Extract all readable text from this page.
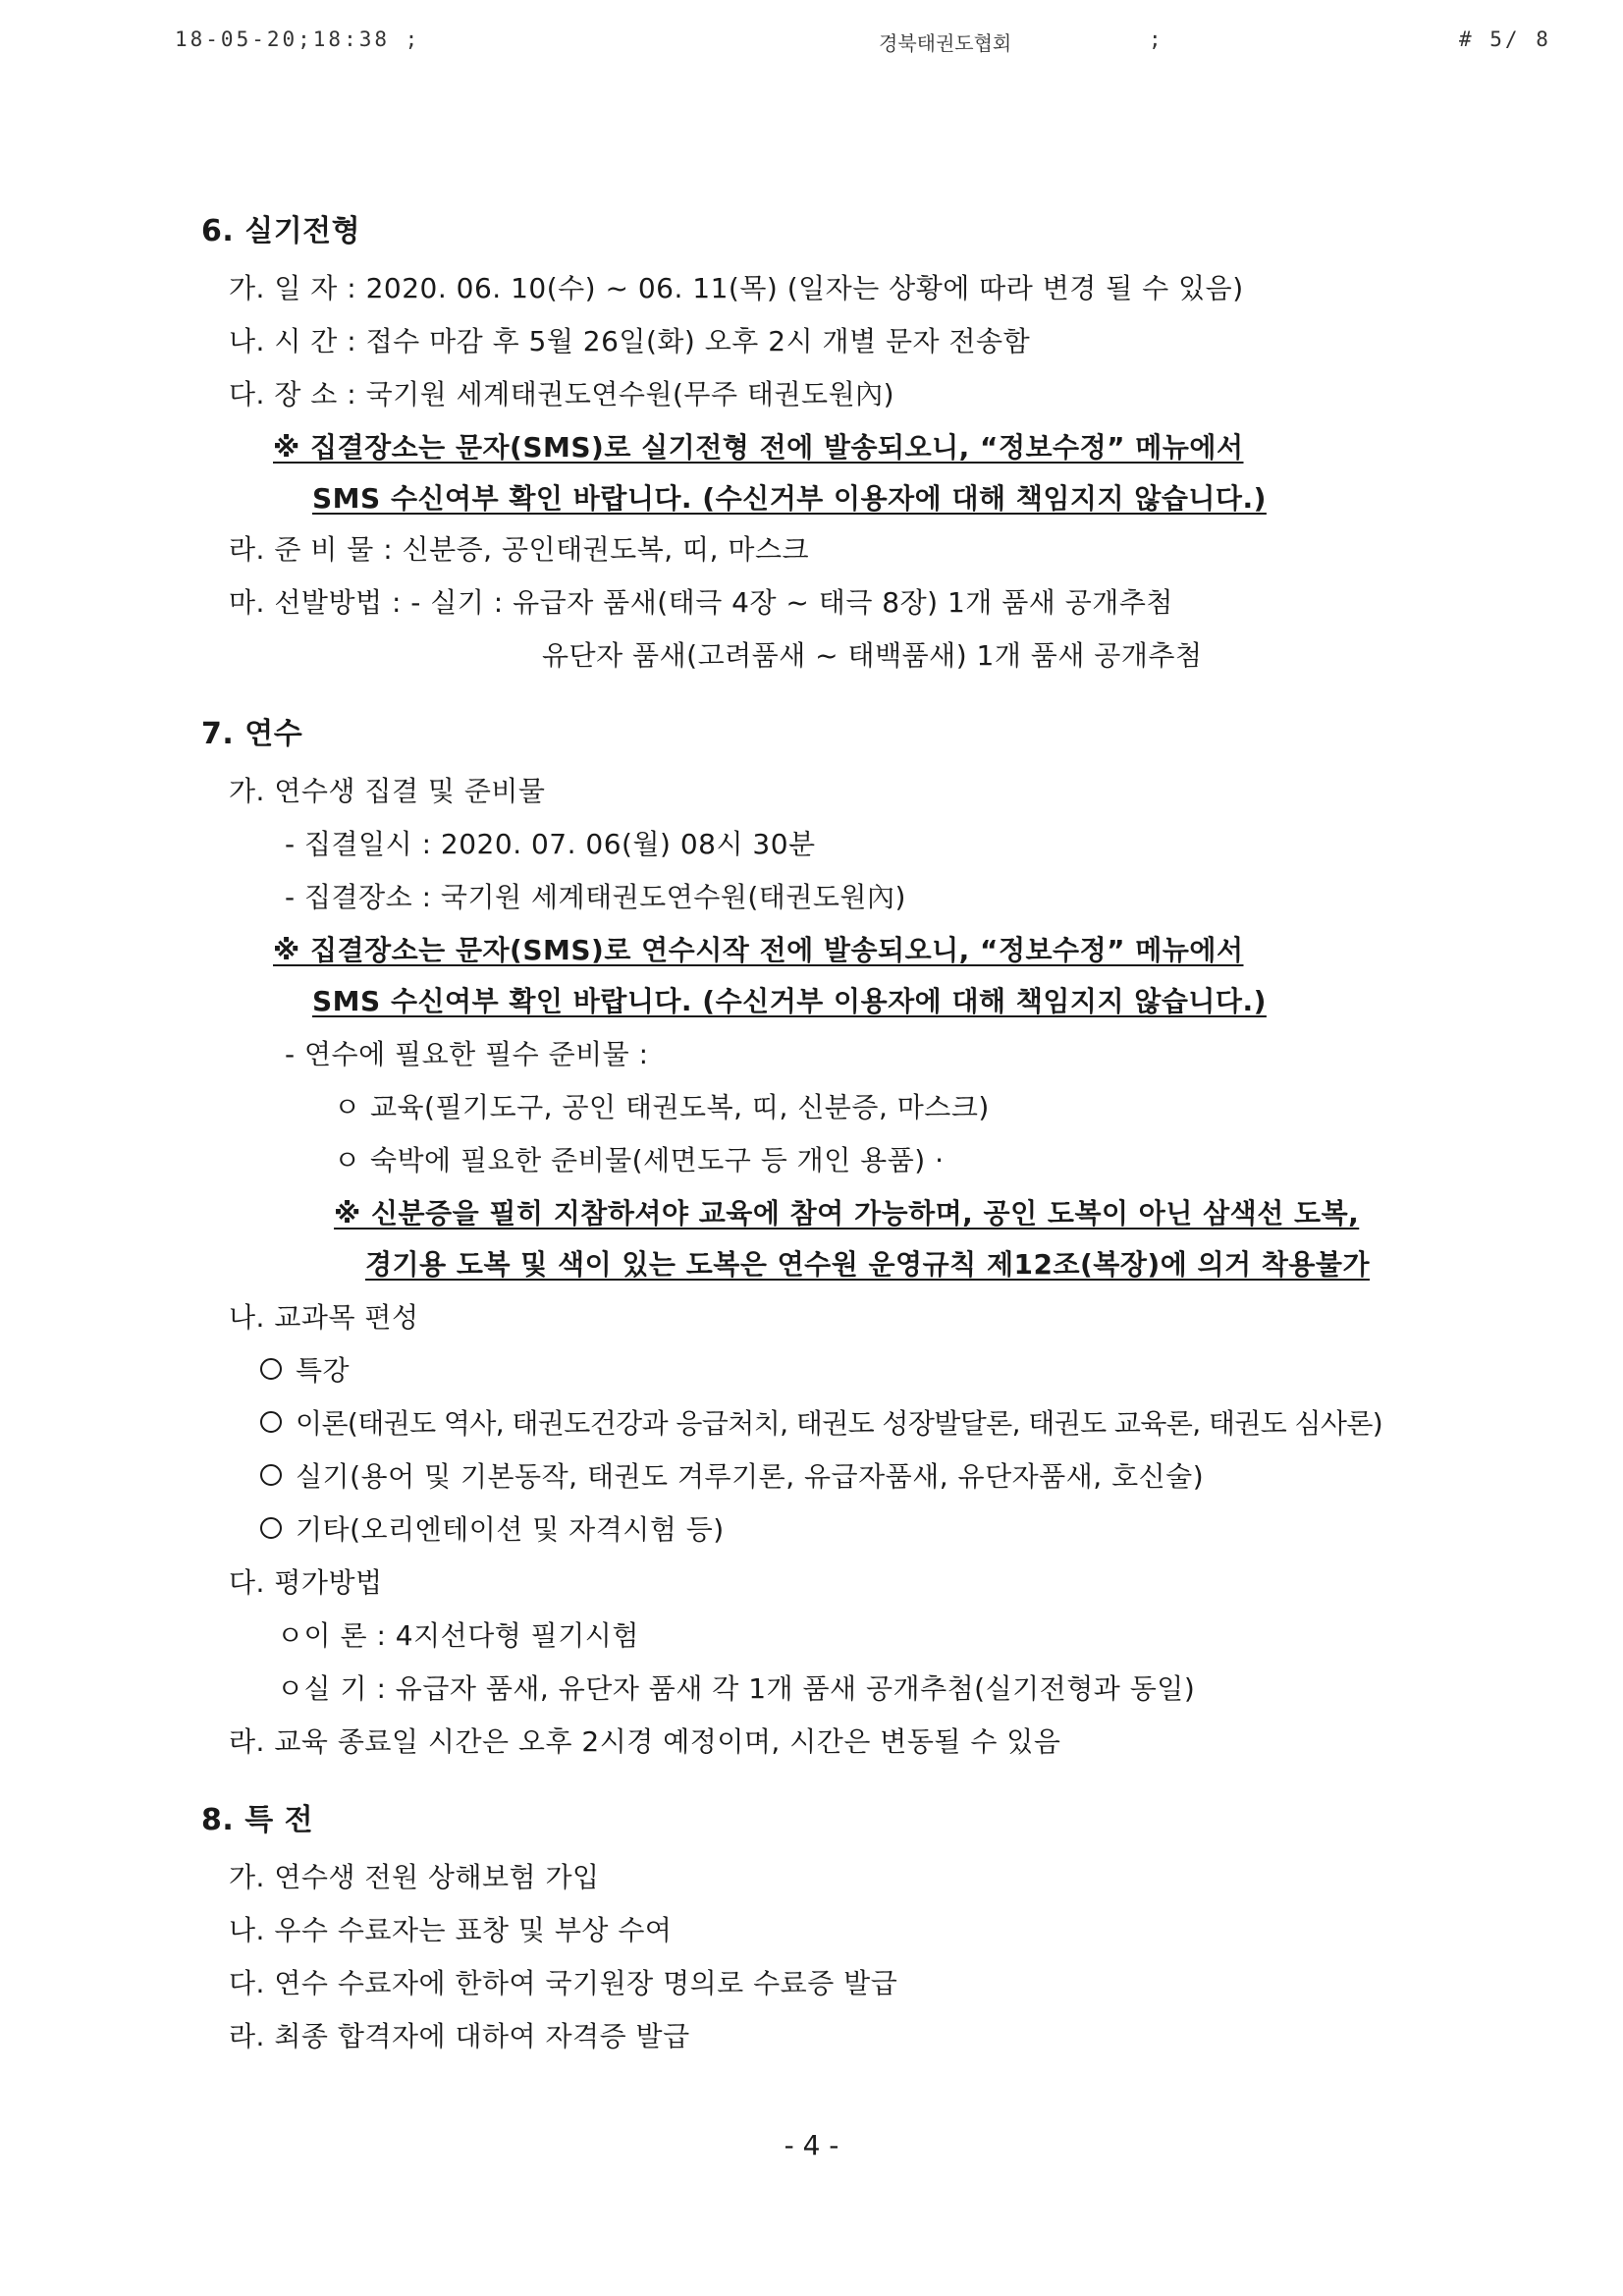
18-05-20;18:38 ;	경북태권도협회	;	# 5/ 8
6. 실기전형
가. 일 자 : 2020. 06. 10(수) ~ 06. 11(목) (일자는 상황에 따라 변경 될 수 있음)
나. 시 간 : 접수 마감 후 5월 26일(화) 오후 2시 개별 문자 전송함
다. 장 소 : 국기원 세계태권도연수원(무주 태권도원內)
※ 집결장소는 문자(SMS)로 실기전형 전에 발송되오니, “정보수정” 메뉴에서
SMS 수신여부 확인 바랍니다. (수신거부 이용자에 대해 책임지지 않습니다.)
라. 준 비 물 : 신분증, 공인태권도복, 띠, 마스크
마. 선발방법 : - 실기 : 유급자 품새(태극 4장 ~ 태극 8장) 1개 품새 공개추첨
유단자 품새(고려품새 ~ 태백품새) 1개 품새 공개추첨
7. 연수
가. 연수생 집결 및 준비물
- 집결일시 : 2020. 07. 06(월) 08시 30분
- 집결장소 : 국기원 세계태권도연수원(태권도원內)
※ 집결장소는 문자(SMS)로 연수시작 전에 발송되오니, “정보수정” 메뉴에서
SMS 수신여부 확인 바랍니다. (수신거부 이용자에 대해 책임지지 않습니다.)
- 연수에 필요한 필수 준비물 :
ㅇ 교육(필기도구, 공인 태권도복, 띠, 신분증, 마스크)
ㅇ 숙박에 필요한 준비물(세면도구 등 개인 용품) ·
※ 신분증을 필히 지참하셔야 교육에 참여 가능하며, 공인 도복이 아닌 삼색선 도복,
경기용 도복 및 색이 있는 도복은 연수원 운영규칙 제12조(복장)에 의거 착용불가
나. 교과목 편성
특강
이론(태권도 역사, 태권도건강과 응급처치, 태권도 성장발달론, 태권도 교육론, 태권도 심사론)
실기(용어 및 기본동작, 태권도 겨루기론, 유급자품새, 유단자품새, 호신술)
기타(오리엔테이션 및 자격시험 등)
다. 평가방법
ㅇ이 론 : 4지선다형 필기시험
ㅇ실 기 : 유급자 품새, 유단자 품새 각 1개 품새 공개추첨(실기전형과 동일)
라. 교육 종료일 시간은 오후 2시경 예정이며, 시간은 변동될 수 있음
8. 특 전
가. 연수생 전원 상해보험 가입
나. 우수 수료자는 표창 및 부상 수여
다. 연수 수료자에 한하여 국기원장 명의로 수료증 발급
라. 최종 합격자에 대하여 자격증 발급
- 4 -
